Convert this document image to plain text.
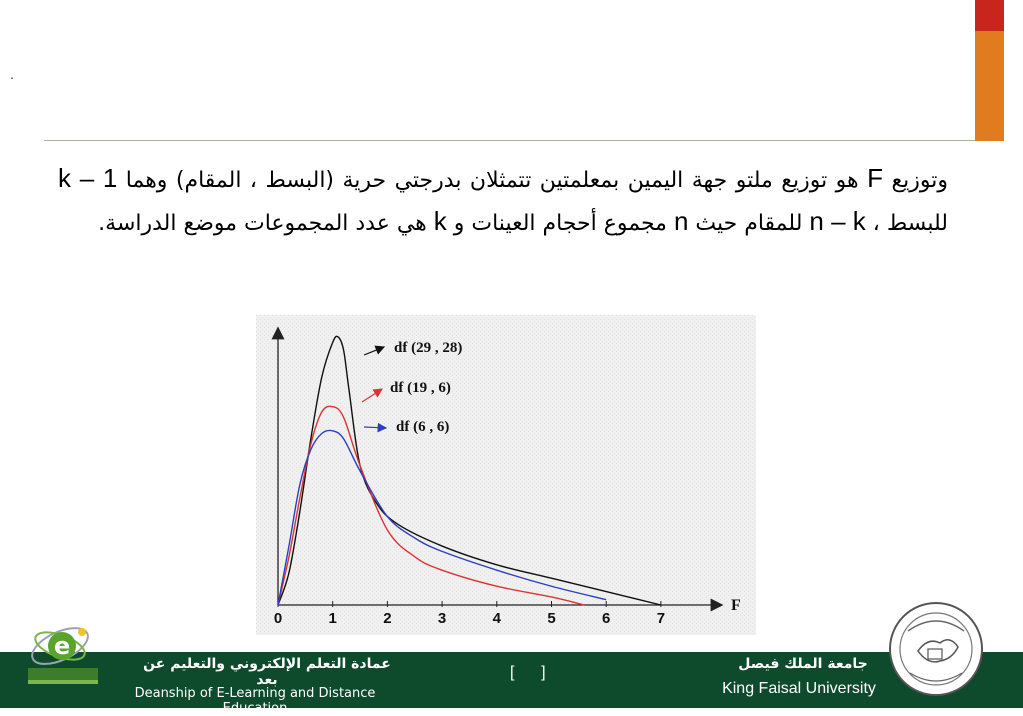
.
وتوزيع F هو توزيع ملتو جهة اليمين بمعلمتين تتمثلان بدرجتي حرية (البسط ، المقام) وهما k – 1 للبسط ، n – k للمقام حيث n مجموع أحجام العينات و k هي عدد المجموعات موضع الدراسة.
0	1	2	3	4	5	6	7
F
df (29 , 28)
df (19 , 6)
df (6 , 6)
e
عمادة التعلم الإلكتروني والتعليم عن بعد
Deanship of E-Learning and Distance Education
[      ]	جامعة الملك فيصل
King Faisal University
